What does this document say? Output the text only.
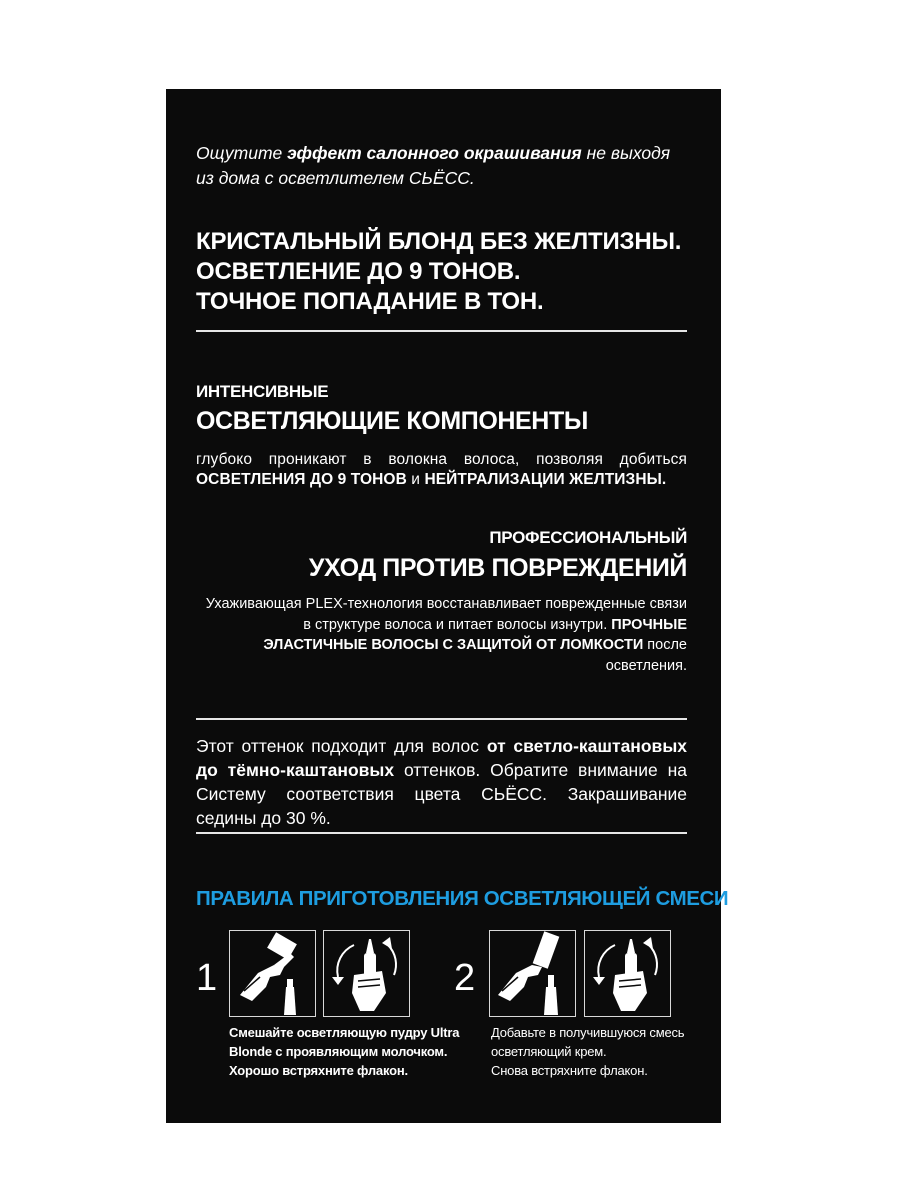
Ощутите эффект салонного окрашивания не выходя из дома с осветлителем СЬЁСС.
КРИСТАЛЬНЫЙ БЛОНД БЕЗ ЖЕЛТИЗНЫ.
ОСВЕТЛЕНИЕ ДО 9 ТОНОВ.
ТОЧНОЕ ПОПАДАНИЕ В ТОН.
ИНТЕНСИВНЫЕ
ОСВЕТЛЯЮЩИЕ КОМПОНЕНТЫ
глубоко проникают в волокна волоса, позволяя добиться ОСВЕТЛЕНИЯ ДО 9 ТОНОВ и НЕЙТРАЛИЗАЦИИ ЖЕЛТИЗНЫ.
ПРОФЕССИОНАЛЬНЫЙ
УХОД ПРОТИВ ПОВРЕЖДЕНИЙ
Ухаживающая PLEX-технология восстанавливает поврежденные связи в структуре волоса и питает волосы изнутри. ПРОЧНЫЕ ЭЛАСТИЧНЫЕ ВОЛОСЫ С ЗАЩИТОЙ ОТ ЛОМКОСТИ после осветления.
Этот оттенок подходит для волос от светло-каштановых до тёмно-каштановых оттенков. Обратите внимание на Систему соответствия цвета СЬЁСС. Закрашивание седины до 30 %.
ПРАВИЛА ПРИГОТОВЛЕНИЯ ОСВЕТЛЯЮЩЕЙ СМЕСИ
1
Смешайте осветляющую пудру Ultra
Blonde с проявляющим молочком.
Хорошо встряхните флакон.
2
Добавьте в получившуюся смесь
осветляющий крем.
Снова встряхните флакон.
